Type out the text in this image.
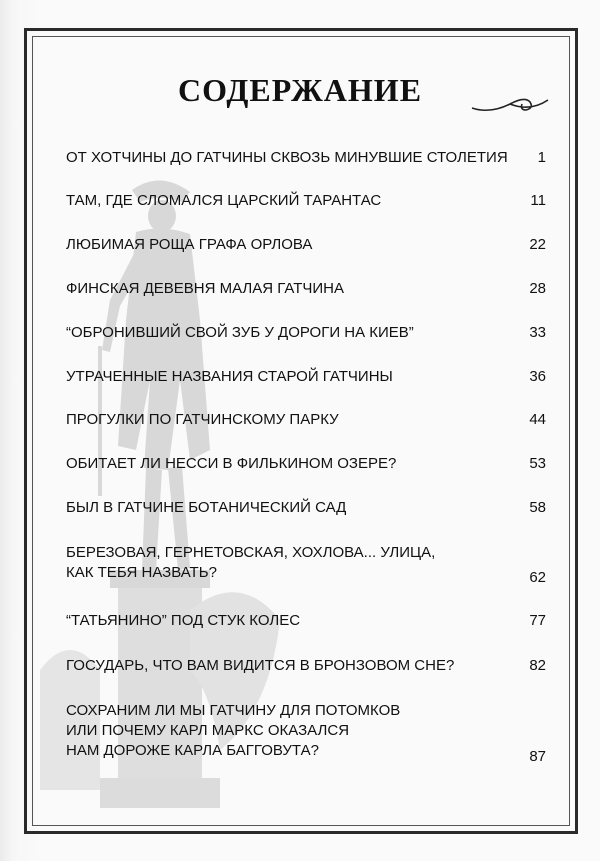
СОДЕРЖАНИЕ
ОТ ХОТЧИНЫ ДО ГАТЧИНЫ СКВОЗЬ МИНУВШИЕ СТОЛЕТИЯ 1
ТАМ, ГДЕ СЛОМАЛСЯ ЦАРСКИЙ ТАРАНТАС	11
ЛЮБИМАЯ РОЩА ГРАФА ОРЛОВА	22
ФИНСКАЯ ДЕВЕВНЯ МАЛАЯ ГАТЧИНА	28
“ОБРОНИВШИЙ СВОЙ ЗУБ У ДОРОГИ НА КИЕВ”	33
УТРАЧЕННЫЕ НАЗВАНИЯ СТАРОЙ ГАТЧИНЫ	36
ПРОГУЛКИ ПО ГАТЧИНСКОМУ ПАРКУ	44
ОБИТАЕТ ЛИ НЕССИ В ФИЛЬКИНОМ ОЗЕРЕ?	53
БЫЛ В ГАТЧИНЕ БОТАНИЧЕСКИЙ САД	58
БЕРЕЗОВАЯ, ГЕРНЕТОВСКАЯ, ХОХЛОВА... УЛИЦА,
КАК ТЕБЯ НАЗВАТЬ?	62
“ТАТЬЯНИНО” ПОД СТУК КОЛЕС	77
ГОСУДАРЬ, ЧТО ВАМ ВИДИТСЯ В БРОНЗОВОМ СНЕ?	82
СОХРАНИМ ЛИ МЫ ГАТЧИНУ ДЛЯ ПОТОМКОВ
ИЛИ ПОЧЕМУ КАРЛ МАРКС ОКАЗАЛСЯ
НАМ ДОРОЖЕ КАРЛА БАГГОВУТА?	87
